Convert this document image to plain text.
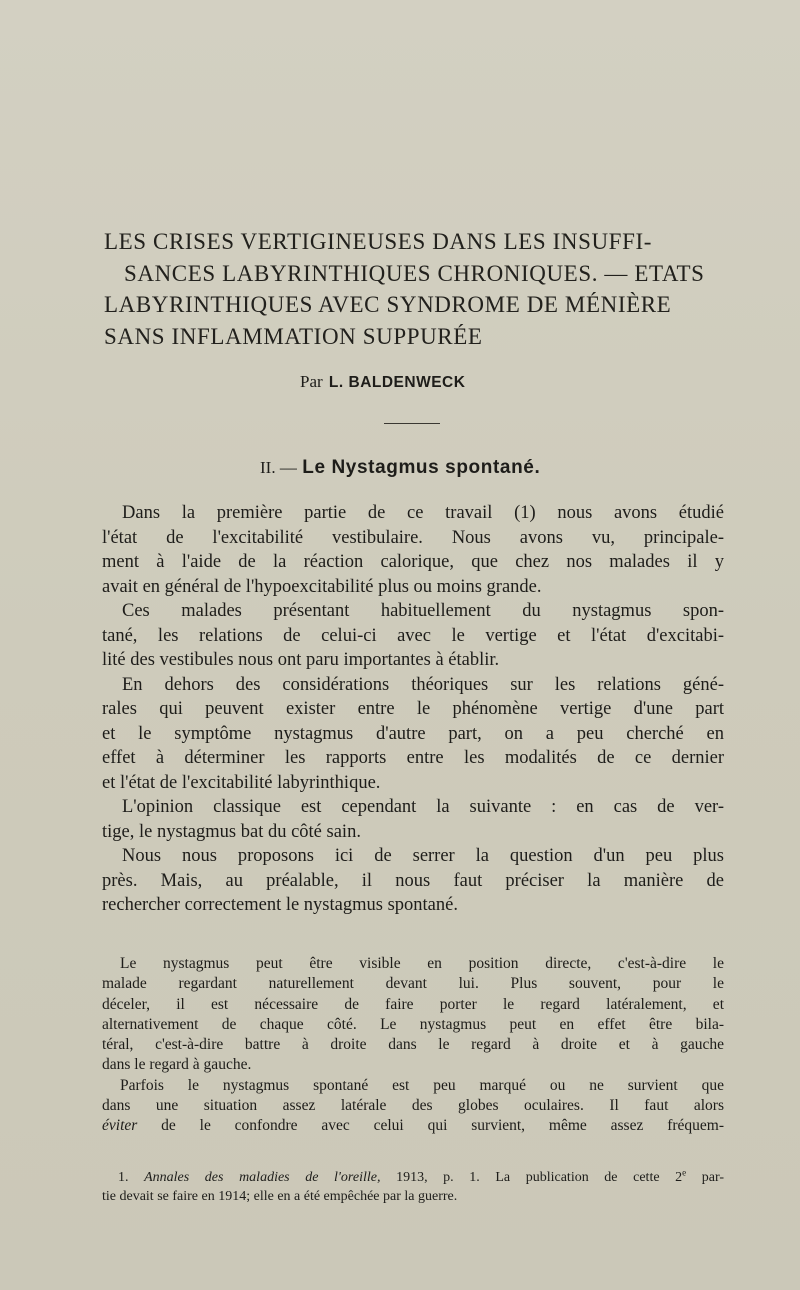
LES CRISES VERTIGINEUSES DANS LES INSUFFI-
SANCES LABYRINTHIQUES CHRONIQUES. — ETATS
LABYRINTHIQUES AVEC SYNDROME DE MÉNIÈRE
SANS INFLAMMATION SUPPURÉE
Par L. BALDENWECK
II. — Le Nystagmus spontané.
Dans la première partie de ce travail (1) nous avons étudié
l'état de l'excitabilité vestibulaire. Nous avons vu, principale-
ment à l'aide de la réaction calorique, que chez nos malades il y
avait en général de l'hypoexcitabilité plus ou moins grande.
Ces malades présentant habituellement du nystagmus spon-
tané, les relations de celui-ci avec le vertige et l'état d'excitabi-
lité des vestibules nous ont paru importantes à établir.
En dehors des considérations théoriques sur les relations géné-
rales qui peuvent exister entre le phénomène vertige d'une part
et le symptôme nystagmus d'autre part, on a peu cherché en
effet à déterminer les rapports entre les modalités de ce dernier
et l'état de l'excitabilité labyrinthique.
L'opinion classique est cependant la suivante : en cas de ver-
tige, le nystagmus bat du côté sain.
Nous nous proposons ici de serrer la question d'un peu plus
près. Mais, au préalable, il nous faut préciser la manière de
rechercher correctement le nystagmus spontané.
Le nystagmus peut être visible en position directe, c'est-à-dire le
malade regardant naturellement devant lui. Plus souvent, pour le
déceler, il est nécessaire de faire porter le regard latéralement, et
alternativement de chaque côté. Le nystagmus peut en effet être bila-
téral, c'est-à-dire battre à droite dans le regard à droite et à gauche
dans le regard à gauche.
Parfois le nystagmus spontané est peu marqué ou ne survient que
dans une situation assez latérale des globes oculaires. Il faut alors
éviter de le confondre avec celui qui survient, même assez fréquem-
1. Annales des maladies de l'oreille, 1913, p. 1. La publication de cette 2e par-
tie devait se faire en 1914; elle en a été empêchée par la guerre.
